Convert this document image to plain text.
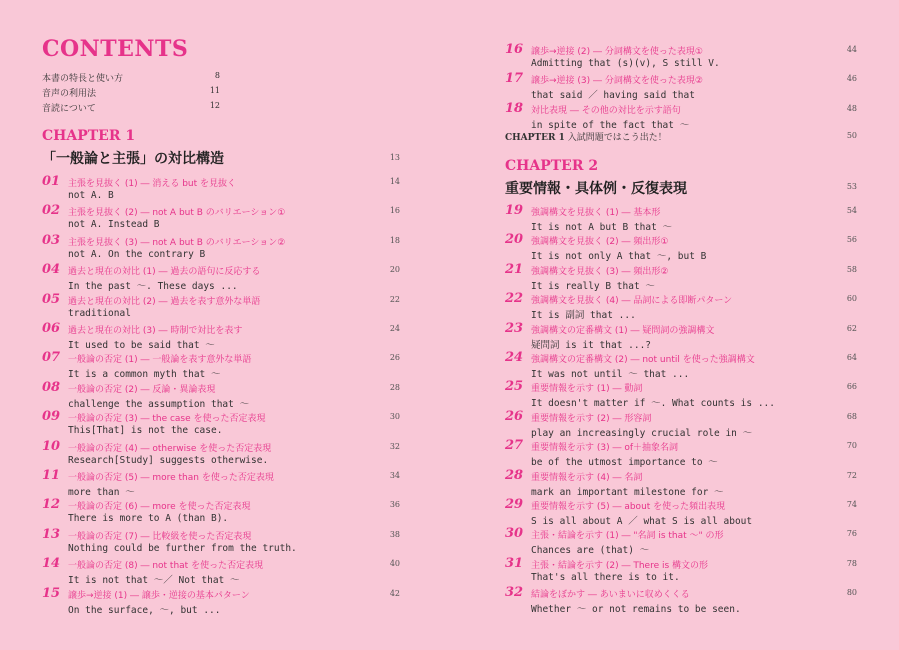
CONTENTS
本書の特長と使い方	8
音声の利用法	11
音読について	12
CHAPTER 1
「一般論と主張」の対比構造	13
01 主張を見抜く (1) ― 消える but を見抜く	14
not A. B
02 主張を見抜く (2) ― not A but B のバリエーション①	16
not A. Instead B
03 主張を見抜く (3) ― not A but B のバリエーション②	18
not A. On the contrary B
04 過去と現在の対比 (1) ― 過去の語句に反応する	20
In the past 〜. These days ...
05 過去と現在の対比 (2) ― 過去を表す意外な単語	22
traditional
06 過去と現在の対比 (3) ― 時制で対比を表す	24
It used to be said that 〜
07 一般論の否定 (1) ― 一般論を表す意外な単語	26
It is a common myth that 〜
08 一般論の否定 (2) ― 反論・異論表現	28
challenge the assumption that 〜
09 一般論の否定 (3) ― the case を使った否定表現	30
This[That] is not the case.
10 一般論の否定 (4) ― otherwise を使った否定表現	32
Research[Study] suggests otherwise.
11 一般論の否定 (5) ― more than を使った否定表現	34
more than 〜
12 一般論の否定 (6) ― more を使った否定表現	36
There is more to A (than B).
13 一般論の否定 (7) ― 比較級を使った否定表現	38
Nothing could be further from the truth.
14 一般論の否定 (8) ― not that を使った否定表現	40
It is not that 〜／ Not that 〜
15 譲歩→逆接 (1) ― 譲歩・逆接の基本パターン	42
On the surface, 〜, but ...
16 譲歩→逆接 (2) ― 分詞構文を使った表現①	44
Admitting that (s)(v), S still V.
17 譲歩→逆接 (3) ― 分詞構文を使った表現②	46
that said ／ having said that
18 対比表現 ― その他の対比を示す語句	48
in spite of the fact that 〜
CHAPTER 1 入試問題ではこう出た！	50
CHAPTER 2
重要情報・具体例・反復表現	53
19 強調構文を見抜く (1) ― 基本形	54
It is not A but B that 〜
20 強調構文を見抜く (2) ― 頻出形①	56
It is not only A that 〜, but B
21 強調構文を見抜く (3) ― 頻出形②	58
It is really B that 〜
22 強調構文を見抜く (4) ― 品詞による即断パターン	60
It is 副詞 that ...
23 強調構文の定番構文 (1) ― 疑問詞の強調構文	62
疑問詞 is it that ...?
24 強調構文の定番構文 (2) ― not until を使った強調構文	64
It was not until 〜 that ...
25 重要情報を示す (1) ― 動詞	66
It doesn't matter if 〜. What counts is ...
26 重要情報を示す (2) ― 形容詞	68
play an increasingly crucial role in 〜
27 重要情報を示す (3) ― of＋抽象名詞	70
be of the utmost importance to 〜
28 重要情報を示す (4) ― 名詞	72
mark an important milestone for 〜
29 重要情報を示す (5) ― about を使った頻出表現	74
S is all about A ／ what S is all about
30 主張・結論を示す (1) ― "名詞 is that 〜" の形	76
Chances are (that) 〜
31 主張・結論を示す (2) ― There is 構文の形	78
That's all there is to it.
32 結論をぼかす ― あいまいに収めくくる	80
Whether 〜 or not remains to be seen.
